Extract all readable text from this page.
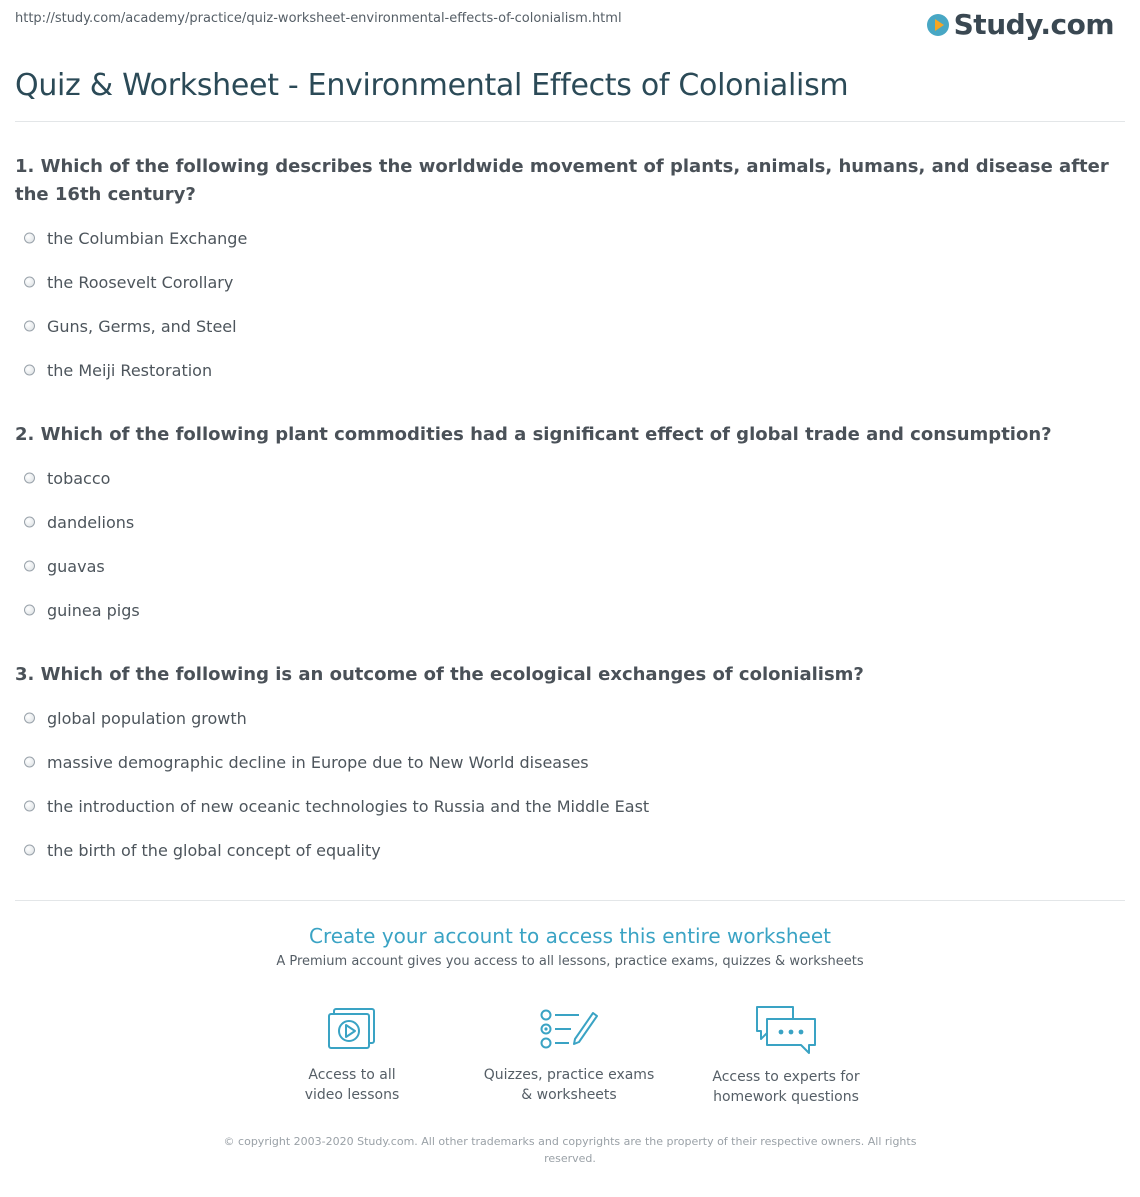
http://study.com/academy/practice/quiz-worksheet-environmental-effects-of-colonialism.html	Study.com
Quiz & Worksheet - Environmental Effects of Colonialism

1. Which of the following describes the worldwide movement of plants, animals, humans, and disease after the 16th century?

the Columbian Exchange
the Roosevelt Corollary
Guns, Germs, and Steel
the Meiji Restoration

2. Which of the following plant commodities had a significant effect of global trade and consumption?

tobacco
dandelions
guavas
guinea pigs

3. Which of the following is an outcome of the ecological exchanges of colonialism?

global population growth
massive demographic decline in Europe due to New World diseases
the introduction of new oceanic technologies to Russia and the Middle East
the birth of the global concept of equality
Create your account to access this entire worksheet

A Premium account gives you access to all lessons, practice exams, quizzes & worksheets

Access to all
video lessons
Quizzes, practice exams
& worksheets
Access to experts for
homework questions
© copyright 2003-2020 Study.com. All other trademarks and copyrights are the property of their respective owners. All rights reserved.
